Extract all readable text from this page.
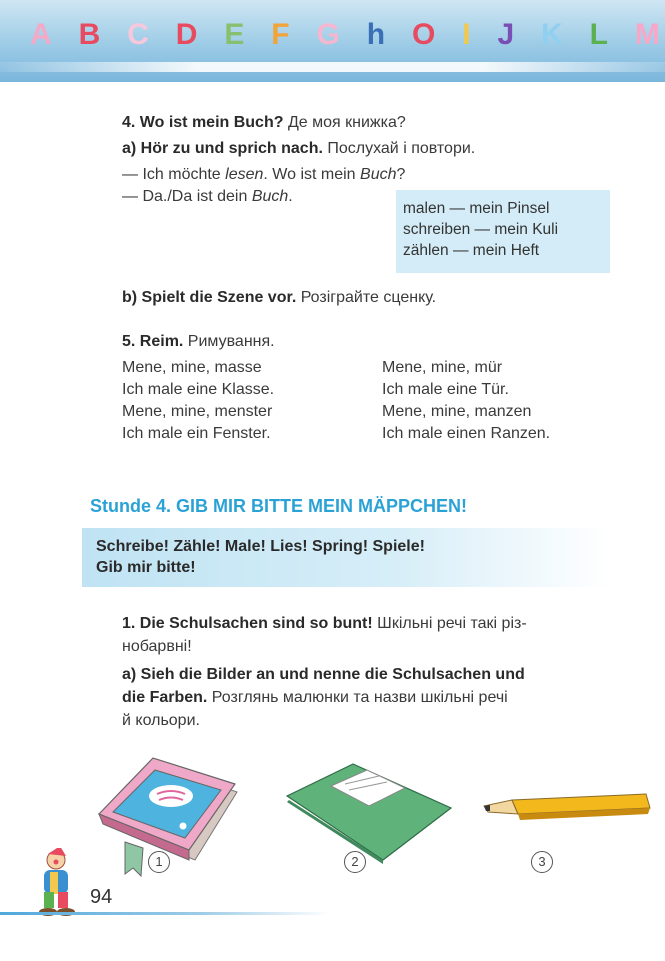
A B C D E F G h O I J K L M
4. Wo ist mein Buch? Де моя книжка?
a) Hör zu und sprich nach. Послухай і повтори.
— Ich möchte lesen. Wo ist mein Buch?
— Da./Da ist dein Buch.
malen — mein Pinsel
schreiben — mein Kuli
zählen — mein Heft
b) Spielt die Szene vor. Розіграйте сценку.
5. Reim. Римування.
Mene, mine, masse
Ich male eine Klasse.
Mene, mine, menster
Ich male ein Fenster.
Mene, mine, mür
Ich male eine Tür.
Mene, mine, manzen
Ich male einen Ranzen.
Stunde 4. GIB MIR BITTE MEIN MÄPPCHEN!
Schreibe! Zähle! Male! Lies! Spring! Spiele!
Gib mir bitte!
1. Die Schulsachen sind so bunt! Шкільні речі такі різ-
нобарвні!
a) Sieh die Bilder an und nenne die Schulsachen und
die Farben. Розглянь малюнки та назви шкільні речі
й кольори.
1	2	3
94
